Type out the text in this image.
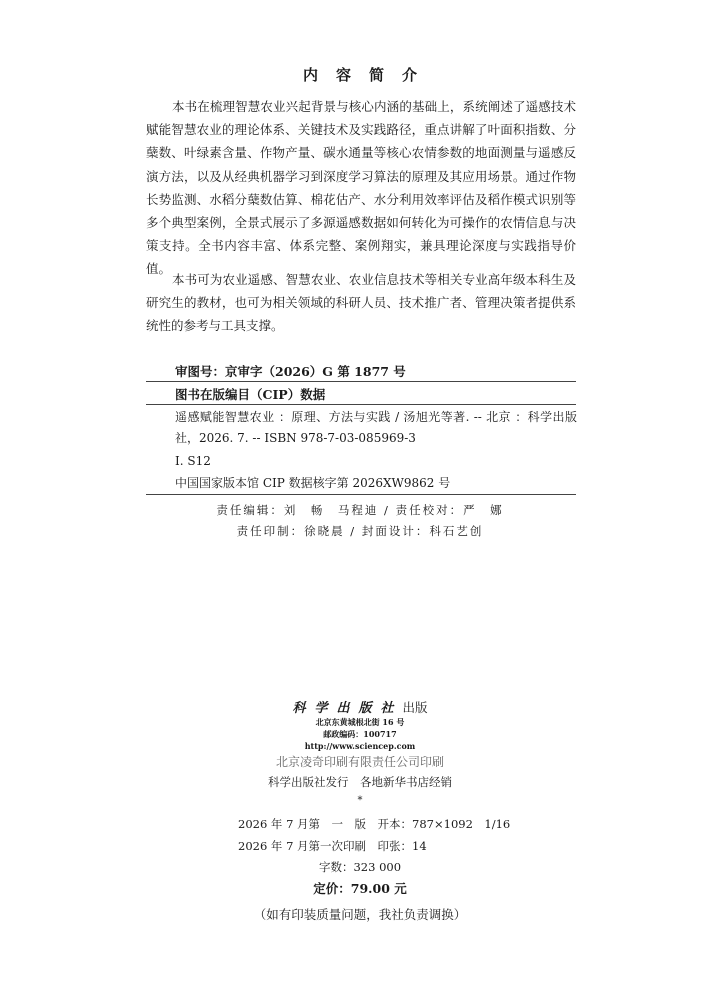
内容简介
本书在梳理智慧农业兴起背景与核心内涵的基础上，系统阐述了遥感技术赋能智慧农业的理论体系、关键技术及实践路径，重点讲解了叶面积指数、分蘖数、叶绿素含量、作物产量、碳水通量等核心农情参数的地面测量与遥感反演方法，以及从经典机器学习到深度学习算法的原理及其应用场景。通过作物长势监测、水稻分蘖数估算、棉花估产、水分利用效率评估及稻作模式识别等多个典型案例，全景式展示了多源遥感数据如何转化为可操作的农情信息与决策支持。全书内容丰富、体系完整、案例翔实，兼具理论深度与实践指导价值。
本书可为农业遥感、智慧农业、农业信息技术等相关专业高年级本科生及研究生的教材，也可为相关领域的科研人员、技术推广者、管理决策者提供系统性的参考与工具支撑。
审图号：京审字（2026）G 第 1877 号
图书在版编目（CIP）数据
遥感赋能智慧农业 ：原理、方法与实践 / 汤旭光等著. -- 北京 ：科学出版社，2026. 7. -- ISBN 978-7-03-085969-3
Ⅰ. S12
中国国家版本馆 CIP 数据核字第 2026XW9862 号
责任编辑：刘　畅　马程迪 / 责任校对：严　娜
责任印制：徐晓晨 / 封面设计：科石艺创
科学出版社出版
北京东黄城根北街 16 号
邮政编码：100717
http://www.sciencep.com
北京凌奇印刷有限责任公司印刷
科学出版社发行　各地新华书店经销
*
2026 年 7 月第　一　版　开本：787×1092　1/16
2026 年 7 月第一次印刷　印张：14
字数：323 000
定价：79.00 元
（如有印装质量问题，我社负责调换）
